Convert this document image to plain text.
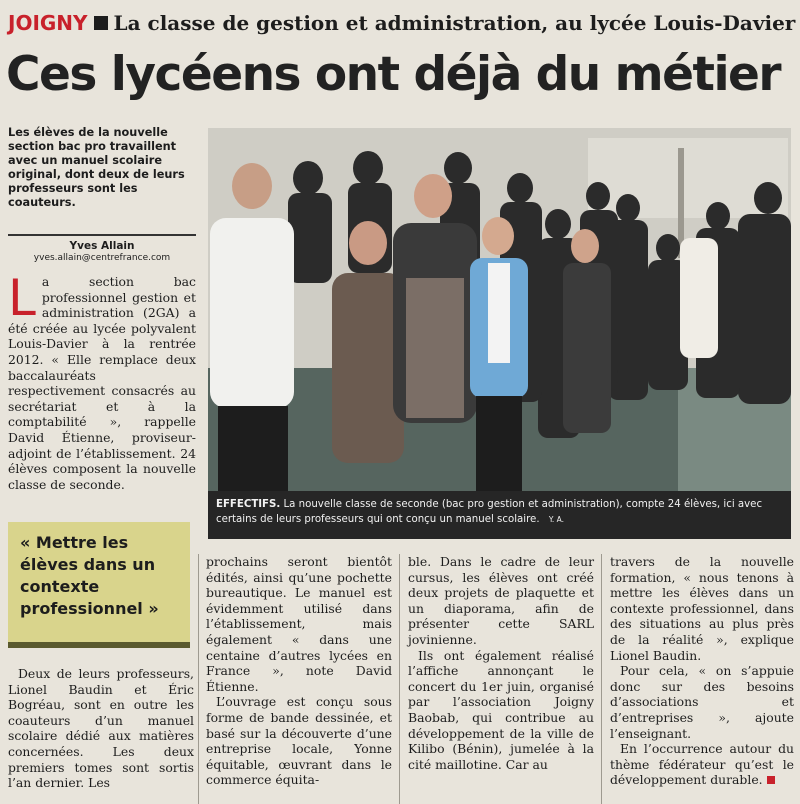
JOIGNY La classe de gestion et administration, au lycée Louis-Davier
Ces lycéens ont déjà du métier
Les élèves de la nouvelle section bac pro travaillent avec un manuel scolaire original, dont deux de leurs professeurs sont les coauteurs.
Yves Allain
yves.allain@centrefrance.com
La section bac professionnel gestion et administration (2GA) a été créée au lycée polyvalent Louis-Davier à la rentrée 2012. « Elle remplace deux baccalauréats respectivement consacrés au secrétariat et à la comptabilité », rappelle David Étienne, proviseur-adjoint de l’établissement. 24 élèves composent la nouvelle classe de seconde.
EFFECTIFS. La nouvelle classe de seconde (bac pro gestion et administration), compte 24 élèves, ici avec certains de leurs professeurs qui ont conçu un manuel scolaire. Y. A.

« Mettre les élèves dans un contexte professionnel »

Deux de leurs professeurs, Lionel Baudin et Éric Bogréau, sont en outre les coauteurs d’un manuel scolaire dédié aux matières concernées. Les deux premiers tomes sont sortis l’an dernier. Les

prochains seront bientôt édités, ainsi qu’une pochette bureautique. Le manuel est évidemment utilisé dans l’établissement, mais également « dans une centaine d’autres lycées en France », note David Étienne.

L’ouvrage est conçu sous forme de bande dessinée, et basé sur la découverte d’une entreprise locale, Yonne équitable, œuvrant dans le commerce équita-

ble. Dans le cadre de leur cursus, les élèves ont créé deux projets de plaquette et un diaporama, afin de présenter cette SARL jovinienne.

Ils ont également réalisé l’affiche annonçant le concert du 1er juin, organisé par l’association Joigny Baobab, qui contribue au développement de la ville de Kilibo (Bénin), jumelée à la cité maillotine. Car au

travers de la nouvelle formation, « nous tenons à mettre les élèves dans un contexte professionnel, dans des situations au plus près de la réalité », explique Lionel Baudin.

Pour cela, « on s’appuie donc sur des besoins d’associations et d’entreprises », ajoute l’enseignant.

En l’occurrence autour du thème fédérateur qu’est le développement durable.
